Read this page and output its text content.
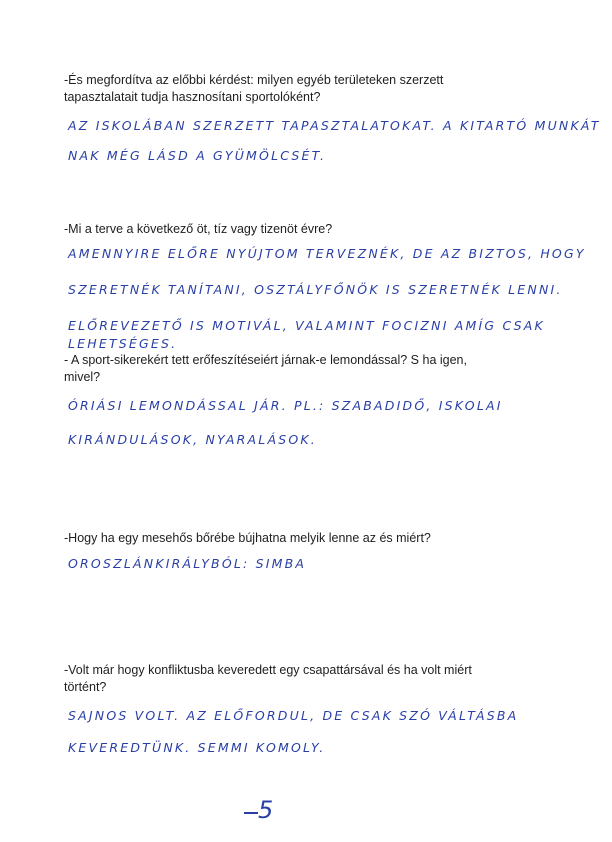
-És megfordítva az előbbi kérdést: milyen egyéb területeken szerzett tapasztalatait tudja hasznosítani sportolóként?
AZ ISKOLÁBAN SZERZETT TAPASZTALATOKAT. A KITARTÓ MUNKÁT
NAK MÉG LÁSD A GYÜMÖLCSÉT.
-Mi a terve a következő öt, tíz vagy tizenöt évre?
AMENNYIRE ELŐRE NYÚJTOM TERVEZNÉK, DE AZ BIZTOS, HOGY
SZERETNÉK TANÍTANI, OSZTÁLYFŐNÖK IS SZERETNÉK LENNI.
ELŐREVEZETŐ IS MOTIVÁL, VALAMINT FOCIZNI AMÍG CSAK
LEHETSÉGES.
- A sport-sikerekért tett erőfeszítéseiért járnak-e lemondással? S ha igen, mivel?
ÓRIÁSI LEMONDÁSSAL JÁR. PL.: SZABADIDŐ, ISKOLAI
KIRÁNDULÁSOK, NYARALÁSOK.
-Hogy ha egy mesehős bőrébe bújhatna melyik lenne az és miért?
OROSZLÁNKIRÁLYBÓL: SIMBA
-Volt már hogy konfliktusba keveredett egy csapattársával és ha volt miért történt?
SAJNOS VOLT. AZ ELŐFORDUL, DE CSAK SZÓ VÁLTÁSBA
KEVEREDTÜNK. SEMMI KOMOLY.
5
